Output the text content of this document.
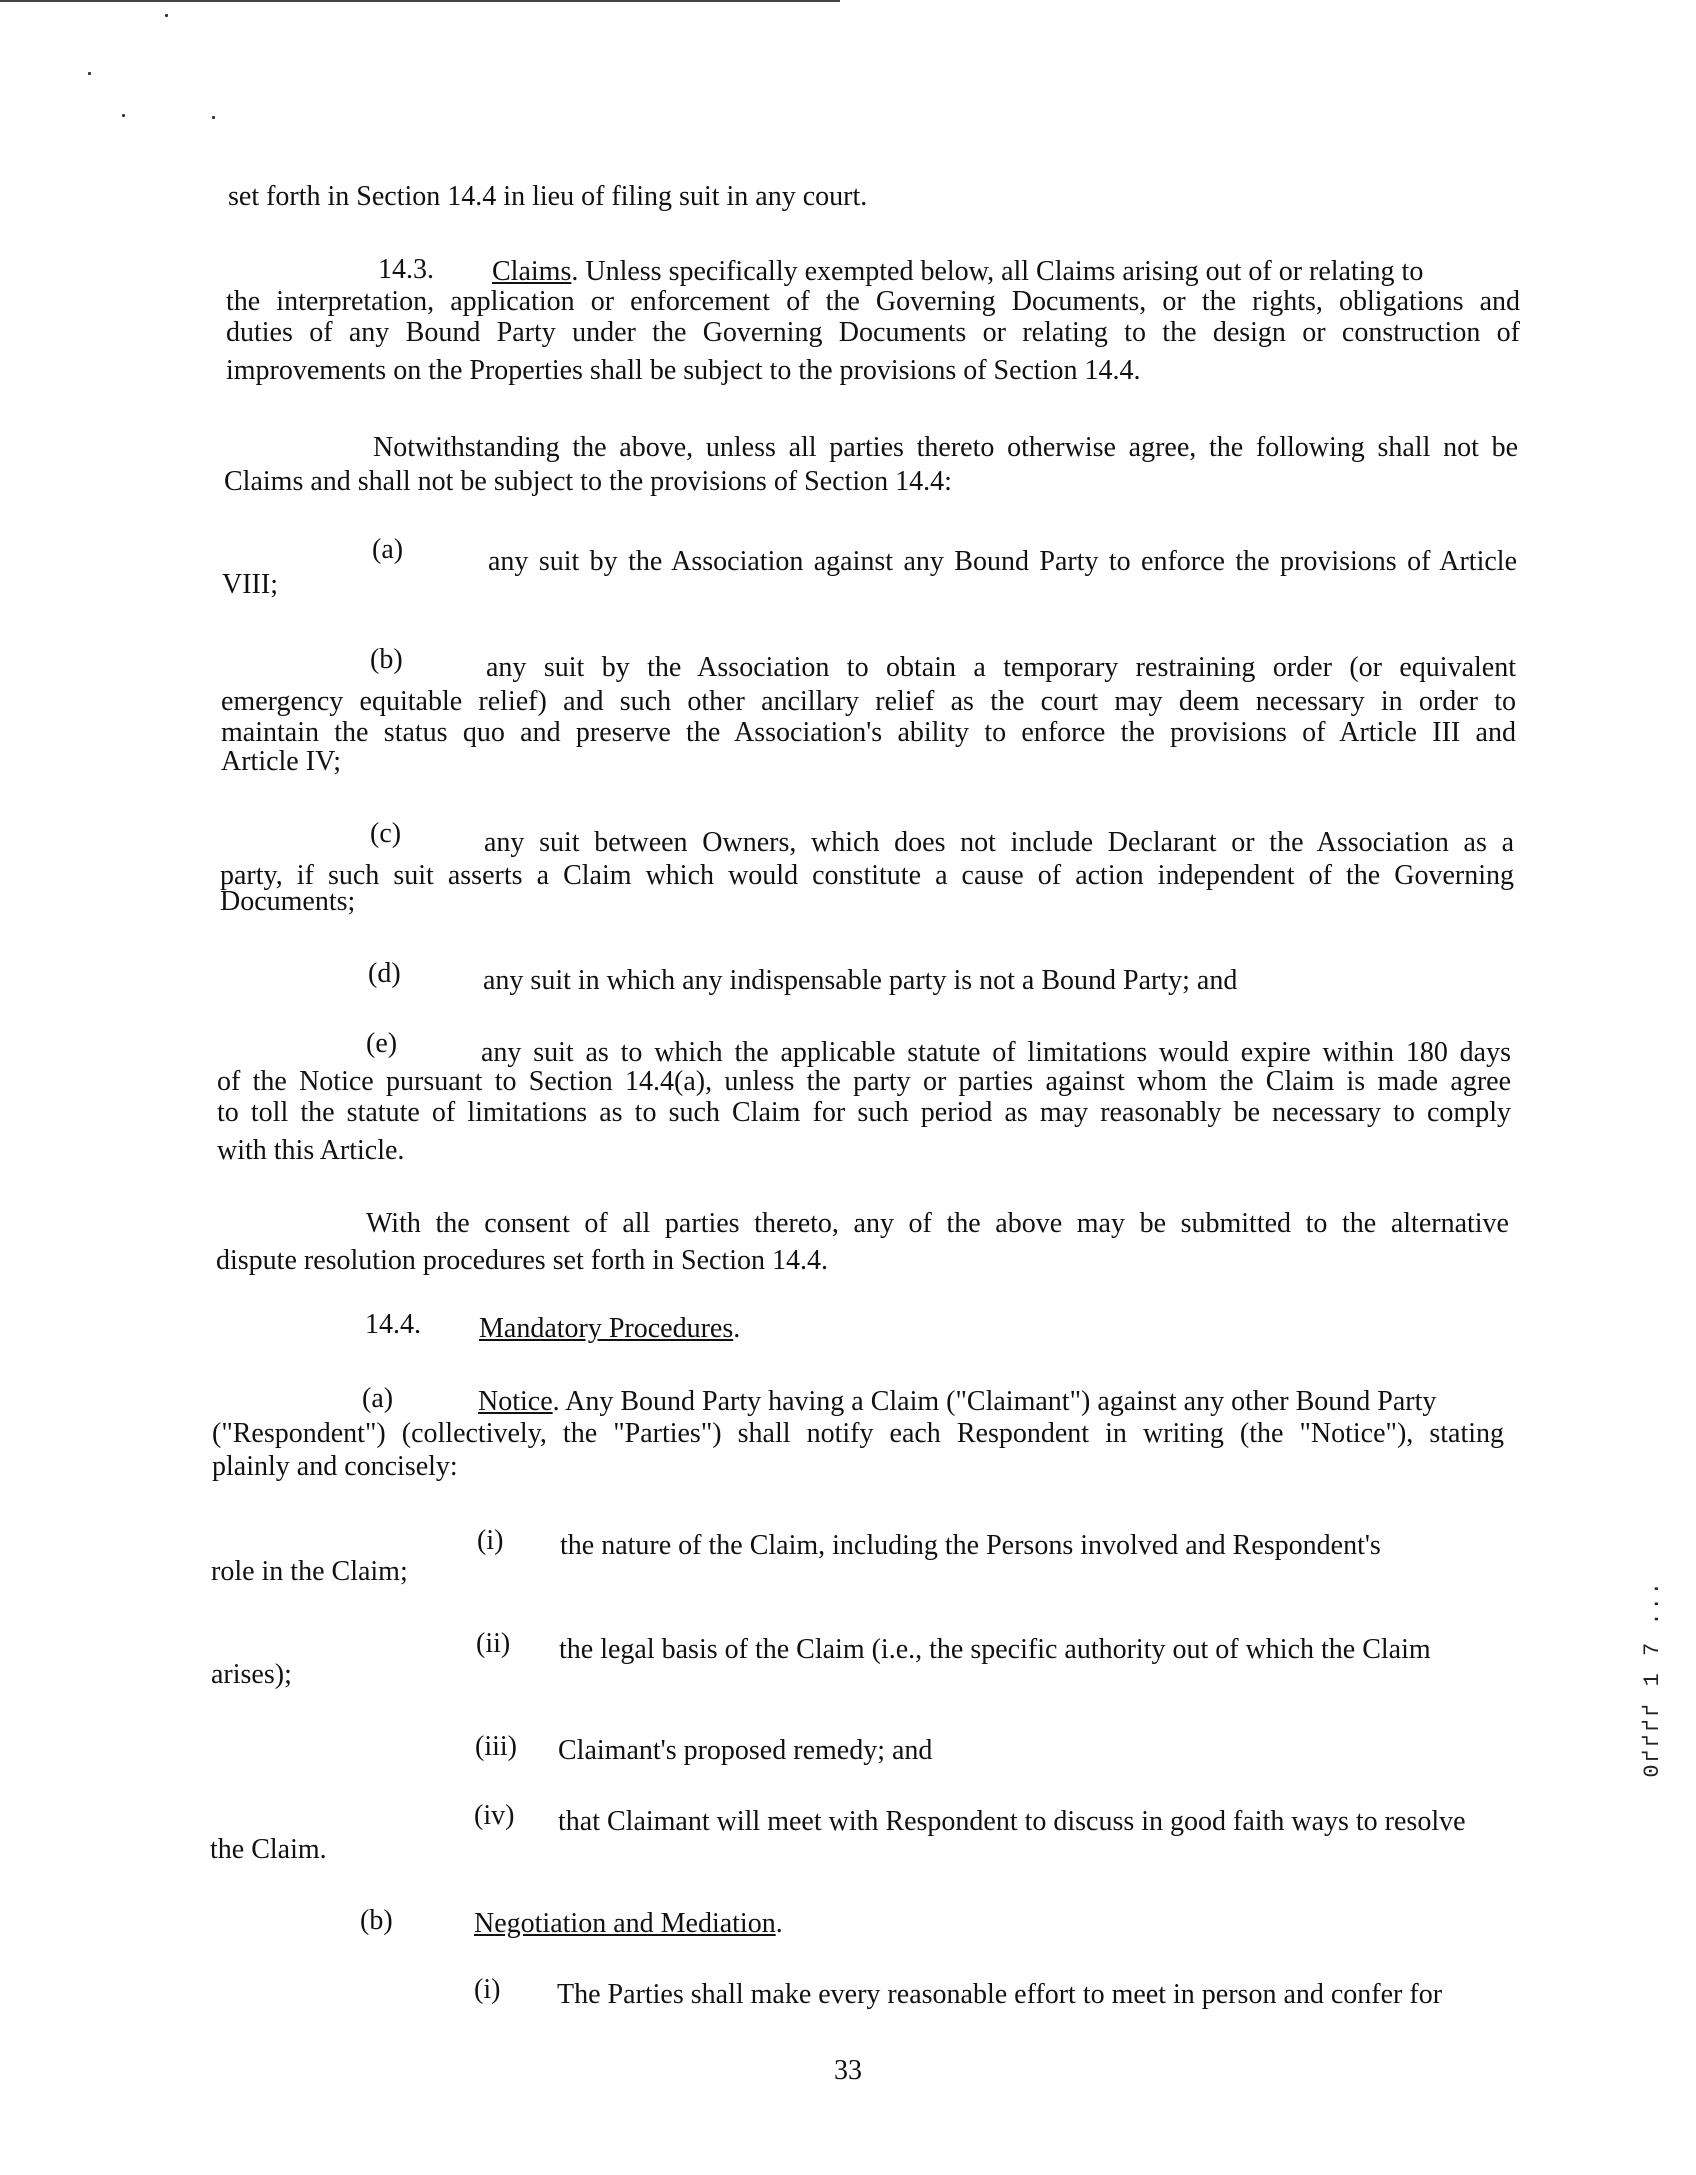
set forth in Section 14.4 in lieu of filing suit in any court.
14.3. Claims. Unless specifically exempted below, all Claims arising out of or relating to
the interpretation, application or enforcement of the Governing Documents, or the rights, obligations and
duties of any Bound Party under the Governing Documents or relating to the design or construction of
improvements on the Properties shall be subject to the provisions of Section 14.4.
Notwithstanding the above, unless all parties thereto otherwise agree, the following shall not be
Claims and shall not be subject to the provisions of Section 14.4:
(a)	any suit by the Association against any Bound Party to enforce the provisions of Article
VIII;
(b)	any suit by the Association to obtain a temporary restraining order (or equivalent
emergency equitable relief) and such other ancillary relief as the court may deem necessary in order to
maintain the status quo and preserve the Association's ability to enforce the provisions of Article III and
Article IV;
(c)	any suit between Owners, which does not include Declarant or the Association as a
party, if such suit asserts a Claim which would constitute a cause of action independent of the Governing
Documents;
(d)	any suit in which any indispensable party is not a Bound Party; and
(e)	any suit as to which the applicable statute of limitations would expire within 180 days
of the Notice pursuant to Section 14.4(a), unless the party or parties against whom the Claim is made agree
to toll the statute of limitations as to such Claim for such period as may reasonably be necessary to comply
with this Article.
With the consent of all parties thereto, any of the above may be submitted to the alternative
dispute resolution procedures set forth in Section 14.4.
14.4. Mandatory Procedures.
(a)	Notice. Any Bound Party having a Claim ("Claimant") against any other Bound Party
("Respondent") (collectively, the "Parties") shall notify each Respondent in writing (the "Notice"), stating
plainly and concisely:
(i) the nature of the Claim, including the Persons involved and Respondent's
role in the Claim;
(ii) the legal basis of the Claim (i.e., the specific authority out of which the Claim
arises);
(iii) Claimant's proposed remedy; and
(iv) that Claimant will meet with Respondent to discuss in good faith ways to resolve
the Claim.
(b)	Negotiation and Mediation.
(i) The Parties shall make every reasonable effort to meet in person and confer for
33
0ґґґґ 1 7 ...
